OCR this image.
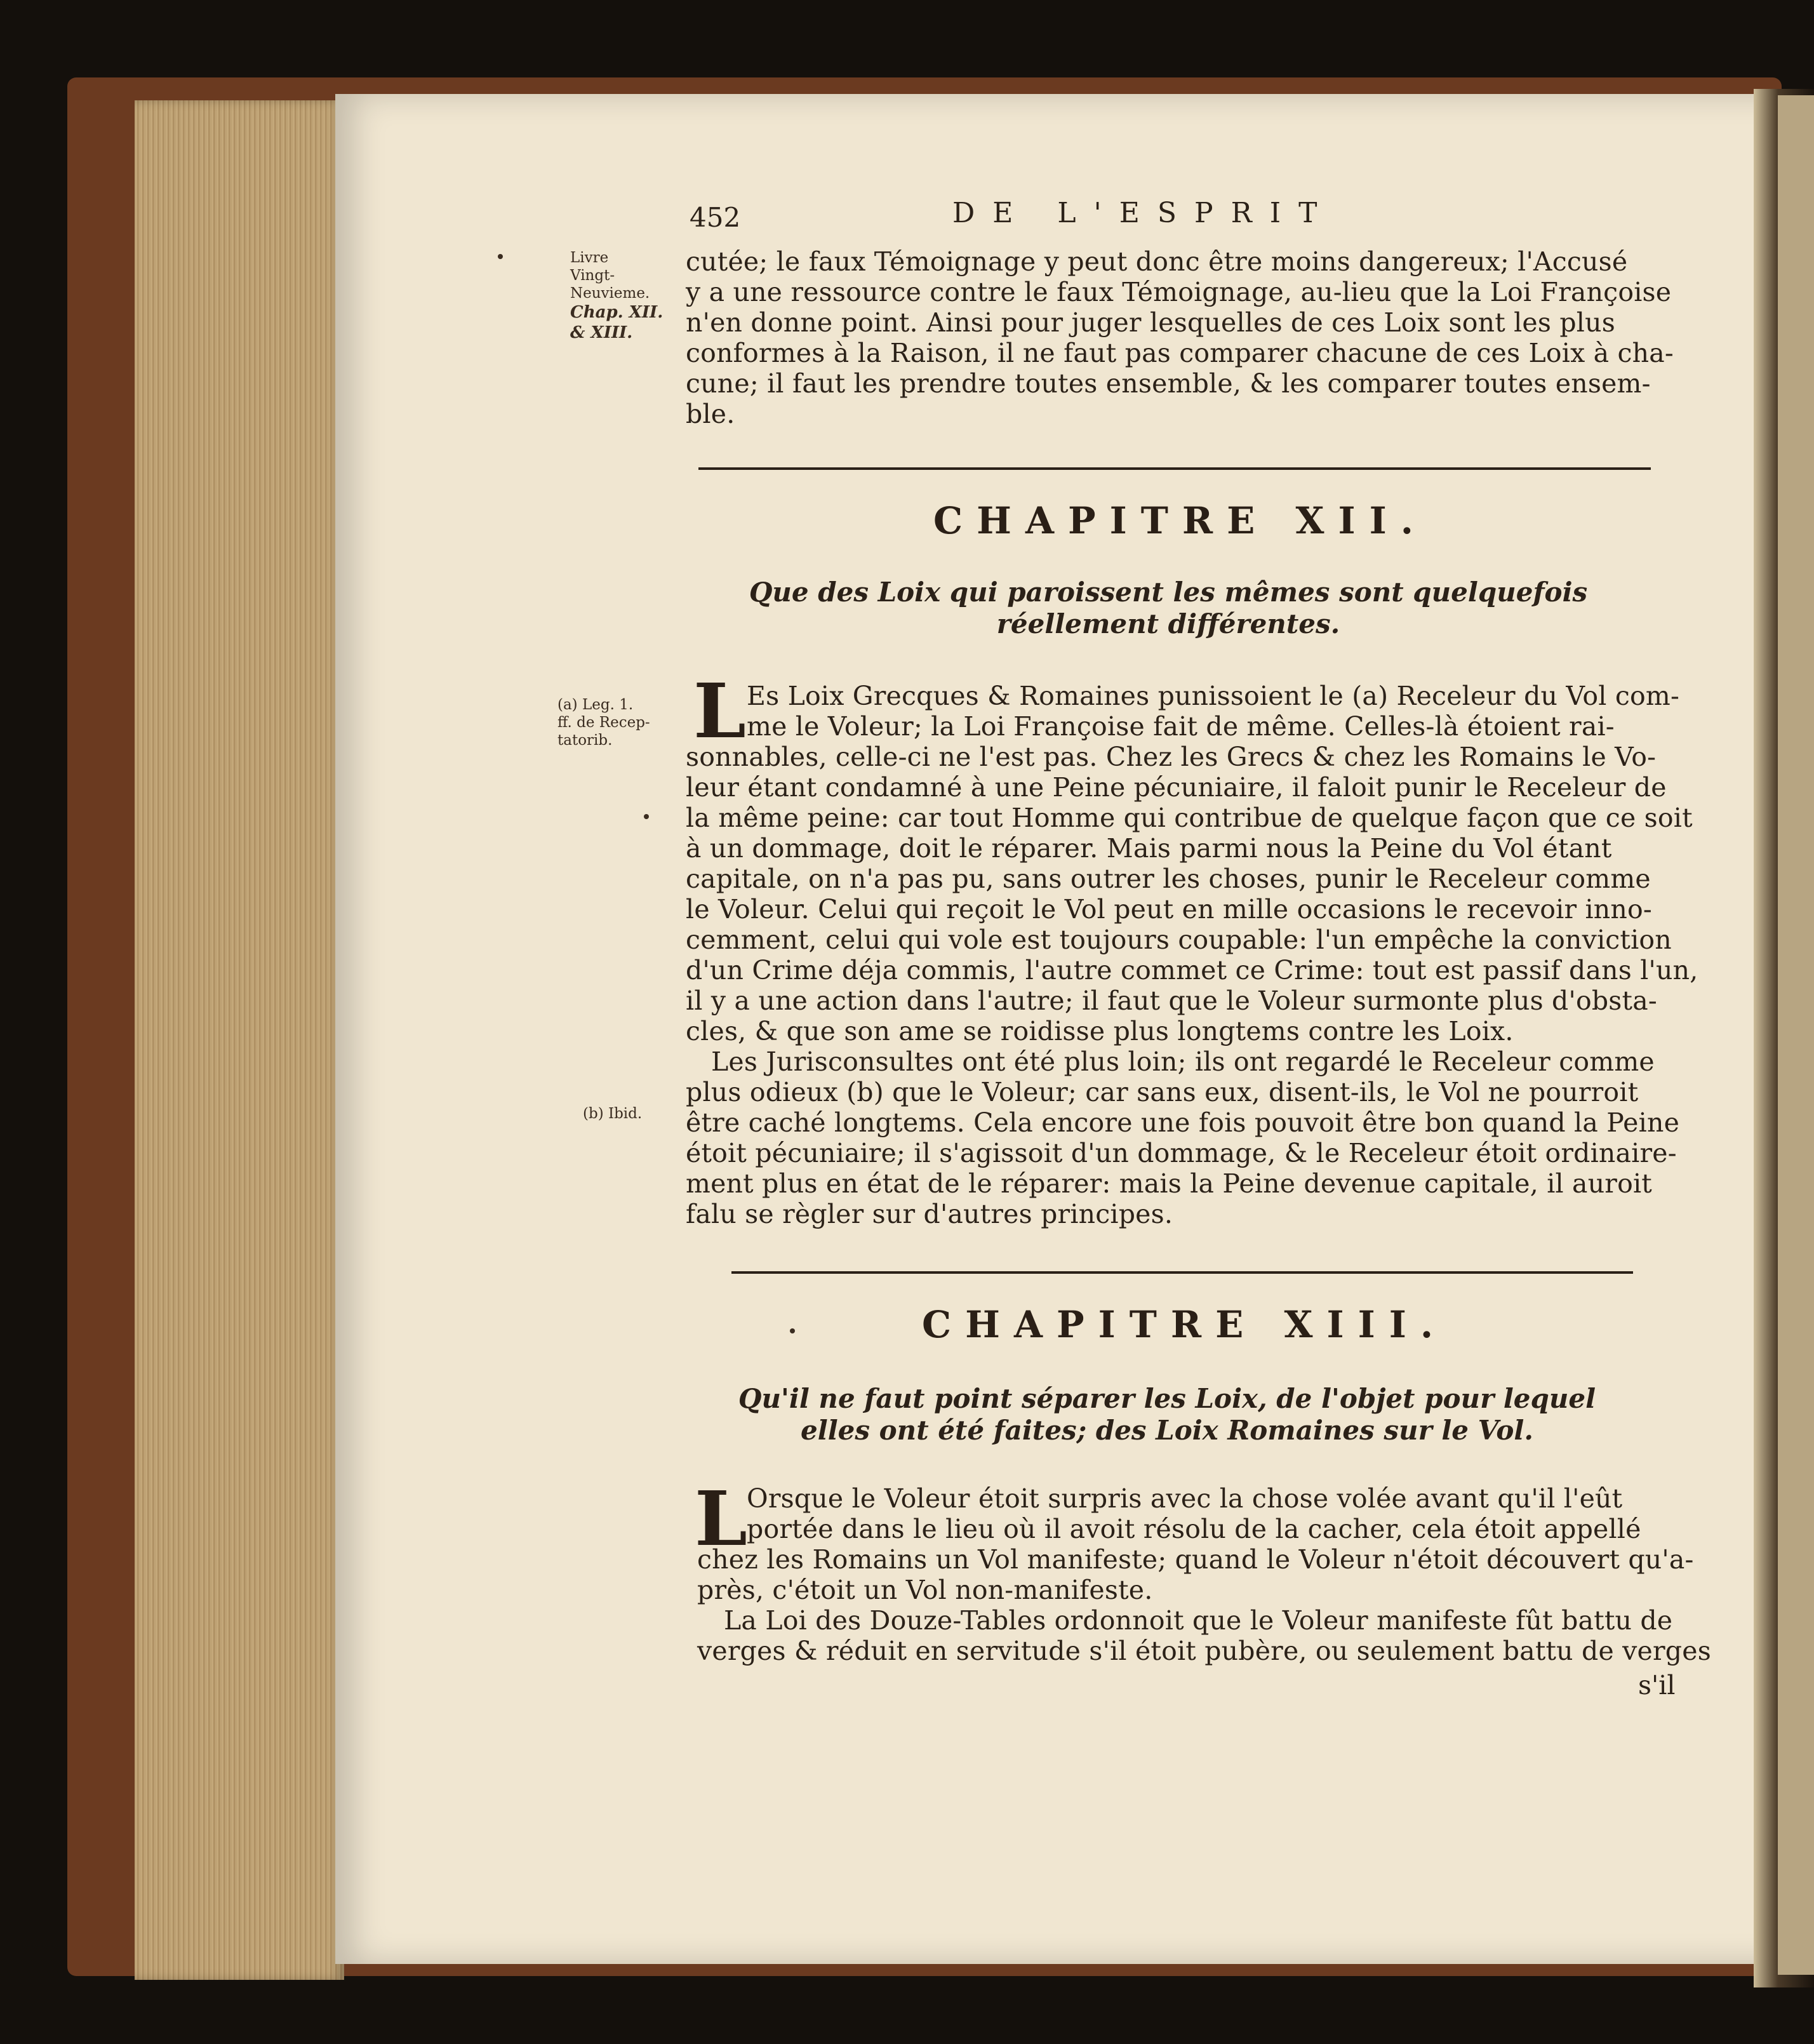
452	DE L'ESPRIT
Livre
Vingt-
Neuvieme.
Chap. XII.
& XIII.
cutée; le faux Témoignage y peut donc être moins dangereux; l'Accusé
y a une ressource contre le faux Témoignage, au-lieu que la Loi Françoise
n'en donne point. Ainsi pour juger lesquelles de ces Loix sont les plus
conformes à la Raison, il ne faut pas comparer chacune de ces Loix à cha-
cune; il faut les prendre toutes ensemble, & les comparer toutes ensem-
ble.
CHAPITRE XII.
Que des Loix qui paroissent les mêmes sont quelquefois réellement différentes.
(a) Leg. 1.
ff. de Recep-
tatorib.	L Es Loix Grecques & Romaines punissoient le (a) Receleur du Vol com-
me le Voleur; la Loi Françoise fait de même. Celles-là étoient rai-
sonnables, celle-ci ne l'est pas. Chez les Grecs & chez les Romains le Vo-
leur étant condamné à une Peine pécuniaire, il faloit punir le Receleur de
la même peine: car tout Homme qui contribue de quelque façon que ce soit
à un dommage, doit le réparer. Mais parmi nous la Peine du Vol étant
capitale, on n'a pas pu, sans outrer les choses, punir le Receleur comme
le Voleur. Celui qui reçoit le Vol peut en mille occasions le recevoir inno-
cemment, celui qui vole est toujours coupable: l'un empêche la conviction
d'un Crime déja commis, l'autre commet ce Crime: tout est passif dans l'un,
il y a une action dans l'autre; il faut que le Voleur surmonte plus d'obsta-
cles, & que son ame se roidisse plus longtems contre les Loix.
Les Jurisconsultes ont été plus loin; ils ont regardé le Receleur comme
plus odieux (b) que le Voleur; car sans eux, disent-ils, le Vol ne pourroit
être caché longtems. Cela encore une fois pouvoit être bon quand la Peine
étoit pécuniaire; il s'agissoit d'un dommage, & le Receleur étoit ordinaire-
ment plus en état de le réparer: mais la Peine devenue capitale, il auroit
falu se règler sur d'autres principes.
(b) Ibid.
CHAPITRE XIII.
Qu'il ne faut point séparer les Loix, de l'objet pour lequel elles ont été faites; des Loix Romaines sur le Vol.
L Orsque le Voleur étoit surpris avec la chose volée avant qu'il l'eût
portée dans le lieu où il avoit résolu de la cacher, cela étoit appellé
chez les Romains un Vol manifeste; quand le Voleur n'étoit découvert qu'a-
près, c'étoit un Vol non-manifeste.
La Loi des Douze-Tables ordonnoit que le Voleur manifeste fût battu de
verges & réduit en servitude s'il étoit pubère, ou seulement battu de verges
s'il
